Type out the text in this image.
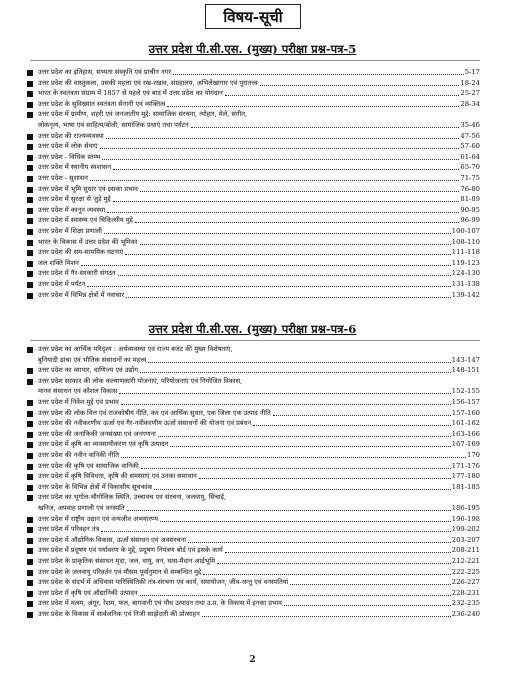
विषय-सूची
उत्तर प्रदेश पी.सी.एस. (मुख्य) परीक्षा प्रश्न-पत्र-5
उत्तर प्रदेश का इतिहास, सभ्यता संस्कृति एवं प्राचीन नगर	5-17
उत्तर प्रदेश की वास्तुकला, उसकी महत्ता एवं रख-रखाव, संग्रहालय, अभिलेखागार एवं पुरातत्त्व	18-24
भारत के स्वतंत्रता संग्राम में 1857 से पहले एवं बाद में उत्तर प्रदेश का योगदान	25-27
उत्तर प्रदेश के सुविख्यात स्वतंत्रता सेनानी एवं व्यक्तित्व	28-34
उत्तर प्रदेश में ग्रामीण, शहरी एवं जनजातीय मुद्दे: सामाजिक संरचना, त्योहार, मेले, संगीत,
लोकनृत्य, भाषा एवं साहित्य/बोली, सामाजिक प्रथाएं तथा पर्यटन	35-46
उत्तर प्रदेश की राज्यव्यवस्था	47-56
उत्तर प्रदेश में लोक सेवाएं	57-60
उत्तर प्रदेश - विधिक स्तम्भ	61-64
उत्तर प्रदेश में स्थानीय स्वशासन	65-70
उत्तर प्रदेश - सुशासन	71-75
उत्तर प्रदेश में भूमि सुधार एवं इसका प्रभाव	76-80
उत्तर प्रदेश में सुरक्षा से जुड़े मुद्दे	81-89
उत्तर प्रदेश में कानून व्यवस्था	90-95
उत्तर प्रदेश में स्वास्थ्य एवं चिकित्सीय मुद्दे	96-99
उत्तर प्रदेश में शिक्षा प्रणाली	100-107
भारत के विकास में उत्तर प्रदेश की भूमिका	108-110
उत्तर प्रदेश की सम-सामयिक घटनाएं	111-118
जल शक्ति मिशन	119-123
उत्तर प्रदेश में गैर-सरकारी संगठन	124-130
उत्तर प्रदेश में पर्यटन	131-138
उत्तर प्रदेश में विभिन्न क्षेत्रों में नवाचार	139-142
उत्तर प्रदेश पी.सी.एस. (मुख्य) परीक्षा प्रश्न-पत्र-6
उत्तर प्रदेश का आर्थिक परिदृश्य : अर्थव्यवस्था एवं राज्य बजट की मुख्य विशेषताएं,
बुनियादी ढांचा एवं भौतिक संसाधनों का महत्त्व	143-147
उत्तर प्रदेश का व्यापार, वाणिज्य एवं उद्योग	148-151
उत्तर प्रदेश सरकार की लोक कल्याणकारी योजनाएं, परियोजनाएं एवं नियोजित विकास,
मानव संसाधन एवं कौशल विकास	152-155
उत्तर प्रदेश में निवेश मुद्दे एवं प्रभाव	156-157
उत्तर प्रदेश की लोक वित्त एवं राजकोषीय नीति, कर एवं आर्थिक सुधार, एक जिला एक उत्पाद नीति	157-160
उत्तर प्रदेश की नवीकरणीय ऊर्जा एवं गैर-नवीकरणीय ऊर्जा संसाधनों की योजना एवं प्रबंधन	161-162
उत्तर प्रदेश की जनांकिकी जनसंख्या एवं जनगणना	163-166
उत्तर प्रदेश में कृषि का व्यवसायीकरण एवं कृषि उत्पादन	167-169
उत्तर प्रदेश की नवीन वानिकी नीति	170
उत्तर प्रदेश की कृषि एवं सामाजिक वानिकी	171-176
उत्तर प्रदेश में कृषि विविधता, कृषि की समस्याएं एवं उनका समाधान	177-180
उत्तर प्रदेश के विभिन्न क्षेत्रों में विकासीय सूचकांक	181-185
उत्तर प्रदेश का भूगोल-भौगोलिक स्थिति, उच्चावच एवं संरचना, जलवायु, सिंचाई,
खनिज, अपवाह प्रणाली एवं वनस्पति	186-195
उत्तर प्रदेश में राष्ट्रीय उद्यान एवं वन्यजीव अभयारण्य	196-198
उत्तर प्रदेश में परिवहन तंत्र	199-202
उत्तर प्रदेश में औद्योगिक विकास, ऊर्जा संसाधन एवं अवसंरचना	203-207
उत्तर प्रदेश में प्रदूषण एवं पर्यावरण के मुद्दे, प्रदूषण नियंत्रण बोर्ड एवं इसके कार्य	208-211
उत्तर प्रदेश के प्राकृतिक संसाधन मृदा, जल, वायु, वन, घास-मैदान आर्द्रभूमि	212-221
उत्तर प्रदेश के जलवायु परिवर्तन एवं मौसम पूर्वानुमान से सम्बन्धित मुद्दे	222-225
उत्तर प्रदेश के संदर्भ में अधिवास पारिस्थितिकी तंत्र-संरचना एवं कार्य, समायोजन, जीव-जन्तु एवं वनस्पतियां	226-227
उत्तर प्रदेश में कृषि एवं औद्यानिकी उत्पादन	228-231
उत्तर प्रदेश में मत्स्य, अंगूर, रेशम, फल, बागवानी एवं पौध उत्पादन तथा उ.प्र. के विकास में इनका प्रभाव	232-235
उत्तर प्रदेश के विकास में सार्वजनिक एवं निजी साझेदारी की प्रोत्साहन	236-240
2
